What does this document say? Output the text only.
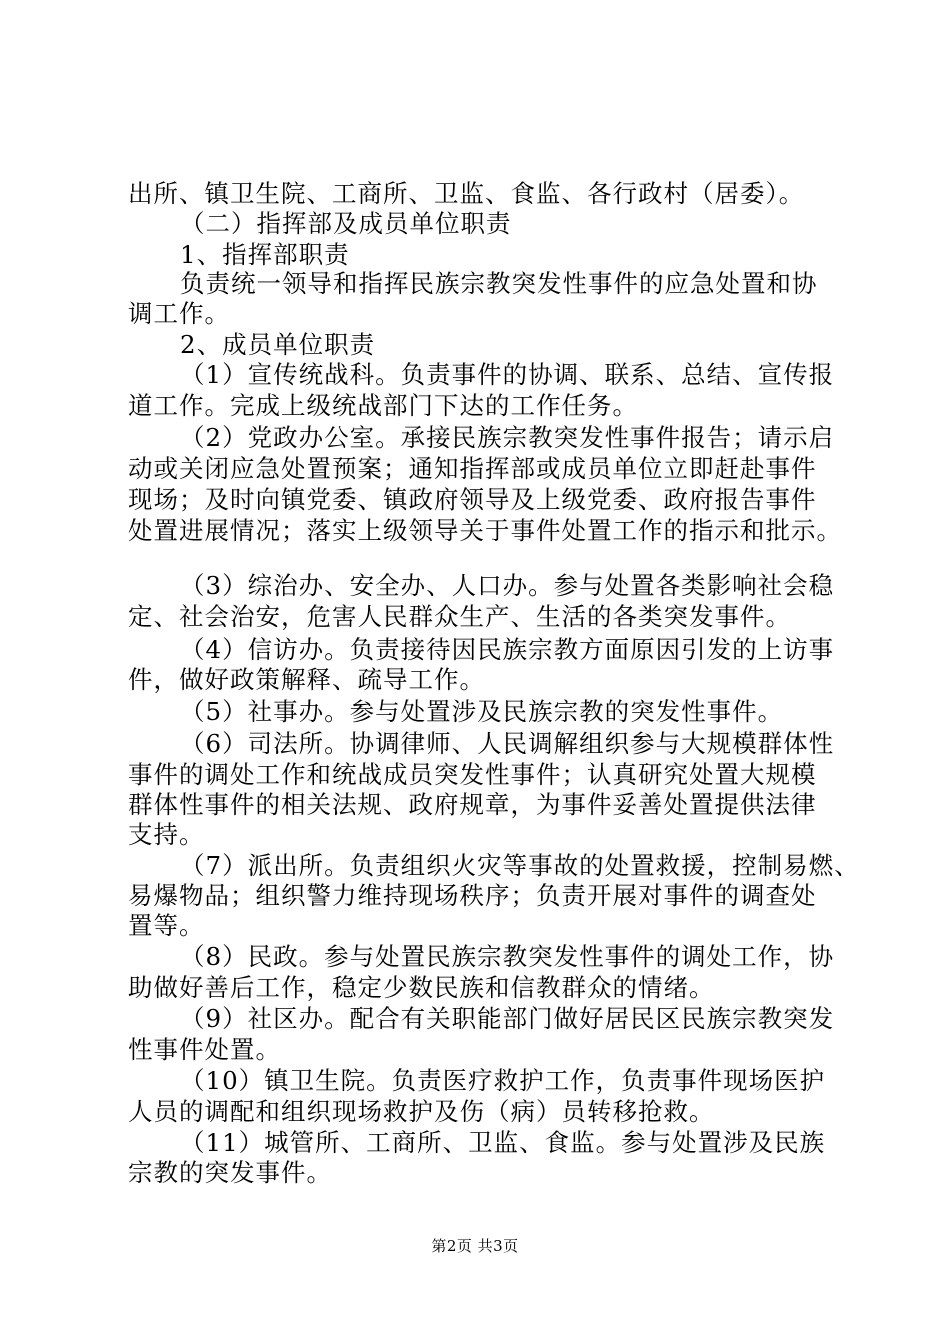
出所、镇卫生院、工商所、卫监、食监、各行政村（居委）。
（二）指挥部及成员单位职责
1、指挥部职责
负责统一领导和指挥民族宗教突发性事件的应急处置和协
调工作。
2、成员单位职责
（1）宣传统战科。负责事件的协调、联系、总结、宣传报
道工作。完成上级统战部门下达的工作任务。
（2）党政办公室。承接民族宗教突发性事件报告；请示启
动或关闭应急处置预案；通知指挥部或成员单位立即赶赴事件
现场；及时向镇党委、镇政府领导及上级党委、政府报告事件
处置进展情况；落实上级领导关于事件处置工作的指示和批示。
（3）综治办、安全办、人口办。参与处置各类影响社会稳
定、社会治安，危害人民群众生产、生活的各类突发事件。
（4）信访办。负责接待因民族宗教方面原因引发的上访事
件，做好政策解释、疏导工作。
（5）社事办。参与处置涉及民族宗教的突发性事件。
（6）司法所。协调律师、人民调解组织参与大规模群体性
事件的调处工作和统战成员突发性事件；认真研究处置大规模
群体性事件的相关法规、政府规章，为事件妥善处置提供法律
支持。
（7）派出所。负责组织火灾等事故的处置救援，控制易燃、
易爆物品；组织警力维持现场秩序；负责开展对事件的调查处
置等。
（8）民政。参与处置民族宗教突发性事件的调处工作，协
助做好善后工作，稳定少数民族和信教群众的情绪。
（9）社区办。配合有关职能部门做好居民区民族宗教突发
性事件处置。
（10）镇卫生院。负责医疗救护工作，负责事件现场医护
人员的调配和组织现场救护及伤（病）员转移抢救。
（11）城管所、工商所、卫监、食监。参与处置涉及民族
宗教的突发事件。
第2页 共3页
